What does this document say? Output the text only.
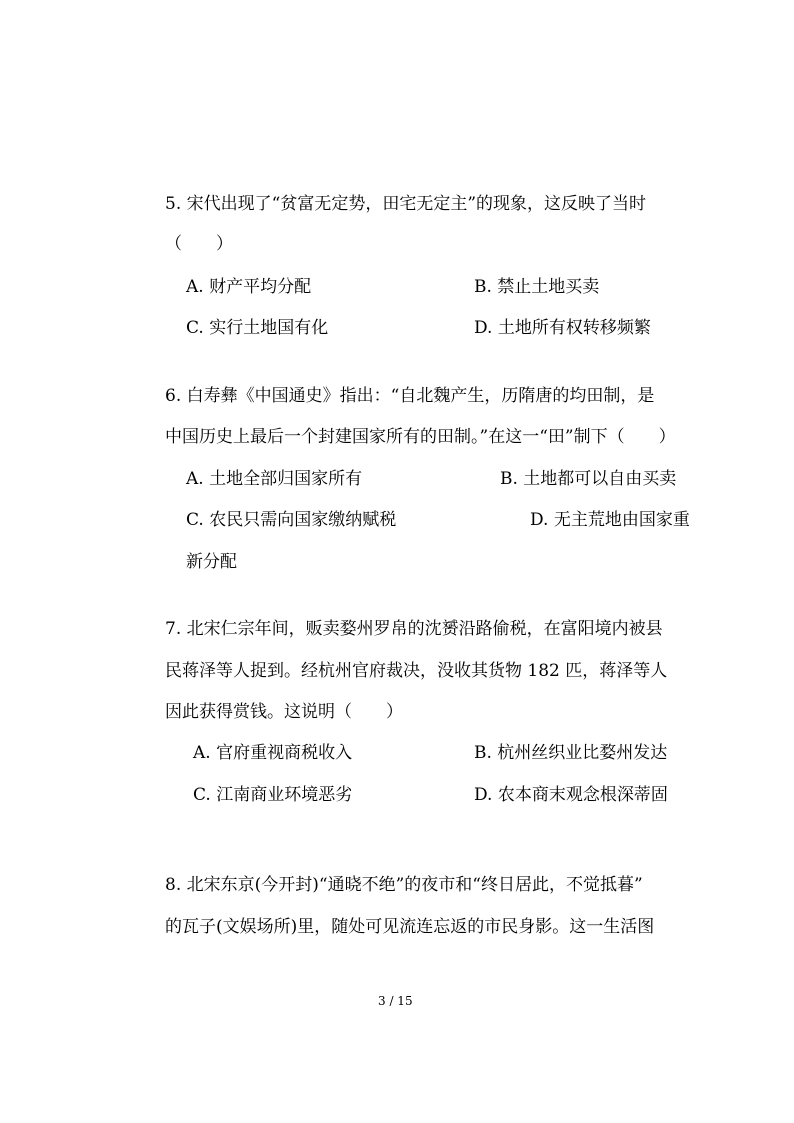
5. 宋代出现了“贫富无定势，田宅无定主”的现象，这反映了当时
（　　）
A. 财产平均分配	B. 禁止土地买卖
C. 实行土地国有化	D. 土地所有权转移频繁
6. 白寿彝《中国通史》指出：“自北魏产生，历隋唐的均田制，是
中国历史上最后一个封建国家所有的田制。”在这一“田”制下（　　）
A. 土地全部归国家所有	B. 土地都可以自由买卖
C. 农民只需向国家缴纳赋税	D. 无主荒地由国家重
新分配
7. 北宋仁宗年间，贩卖婺州罗帛的沈赟沿路偷税，在富阳境内被县
民蒋泽等人捉到。经杭州官府裁决，没收其货物 182 匹，蒋泽等人
因此获得赏钱。这说明（　　）
A. 官府重视商税收入	B. 杭州丝织业比婺州发达
C. 江南商业环境恶劣	D. 农本商末观念根深蒂固
8. 北宋东京(今开封)“通晓不绝”的夜市和“终日居此，不觉抵暮”
的瓦子(文娱场所)里，随处可见流连忘返的市民身影。这一生活图
3 / 15
